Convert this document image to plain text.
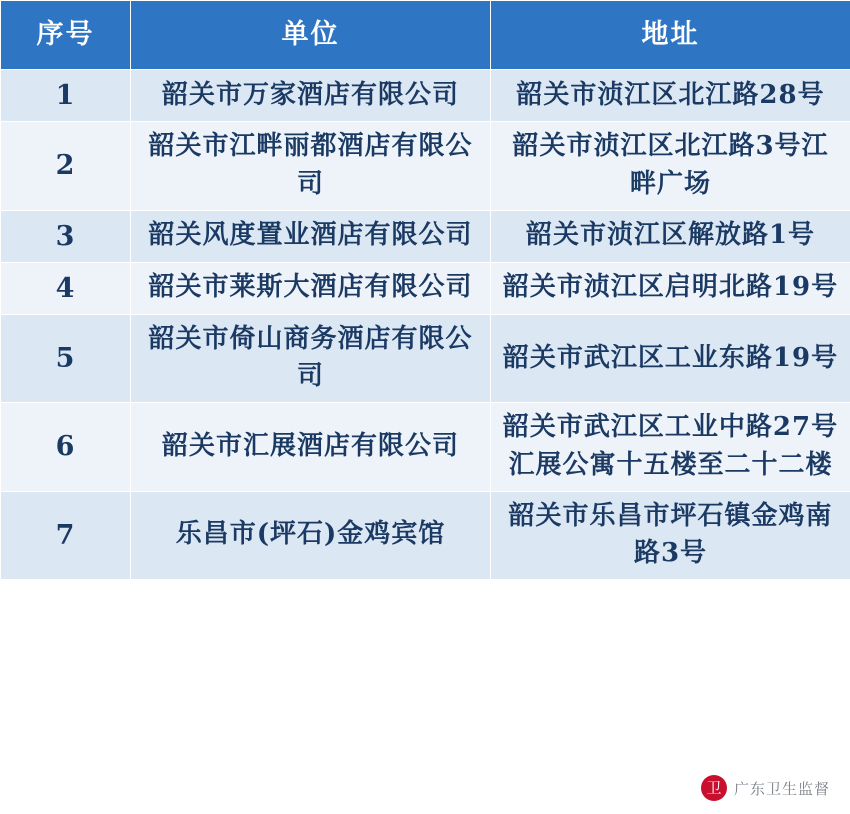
序号	单位	地址
1	韶关市万家酒店有限公司	韶关市浈江区北江路28号
2	韶关市江畔丽都酒店有限公司	韶关市浈江区北江路3号江畔广场
3	韶关风度置业酒店有限公司	韶关市浈江区解放路1号
4	韶关市莱斯大酒店有限公司	韶关市浈江区启明北路19号
5	韶关市倚山商务酒店有限公司	韶关市武江区工业东路19号
6	韶关市汇展酒店有限公司	韶关市武江区工业中路27号汇展公寓十五楼至二十二楼
7	乐昌市(坪石)金鸡宾馆	韶关市乐昌市坪石镇金鸡南路3号
卫 广东卫生监督
